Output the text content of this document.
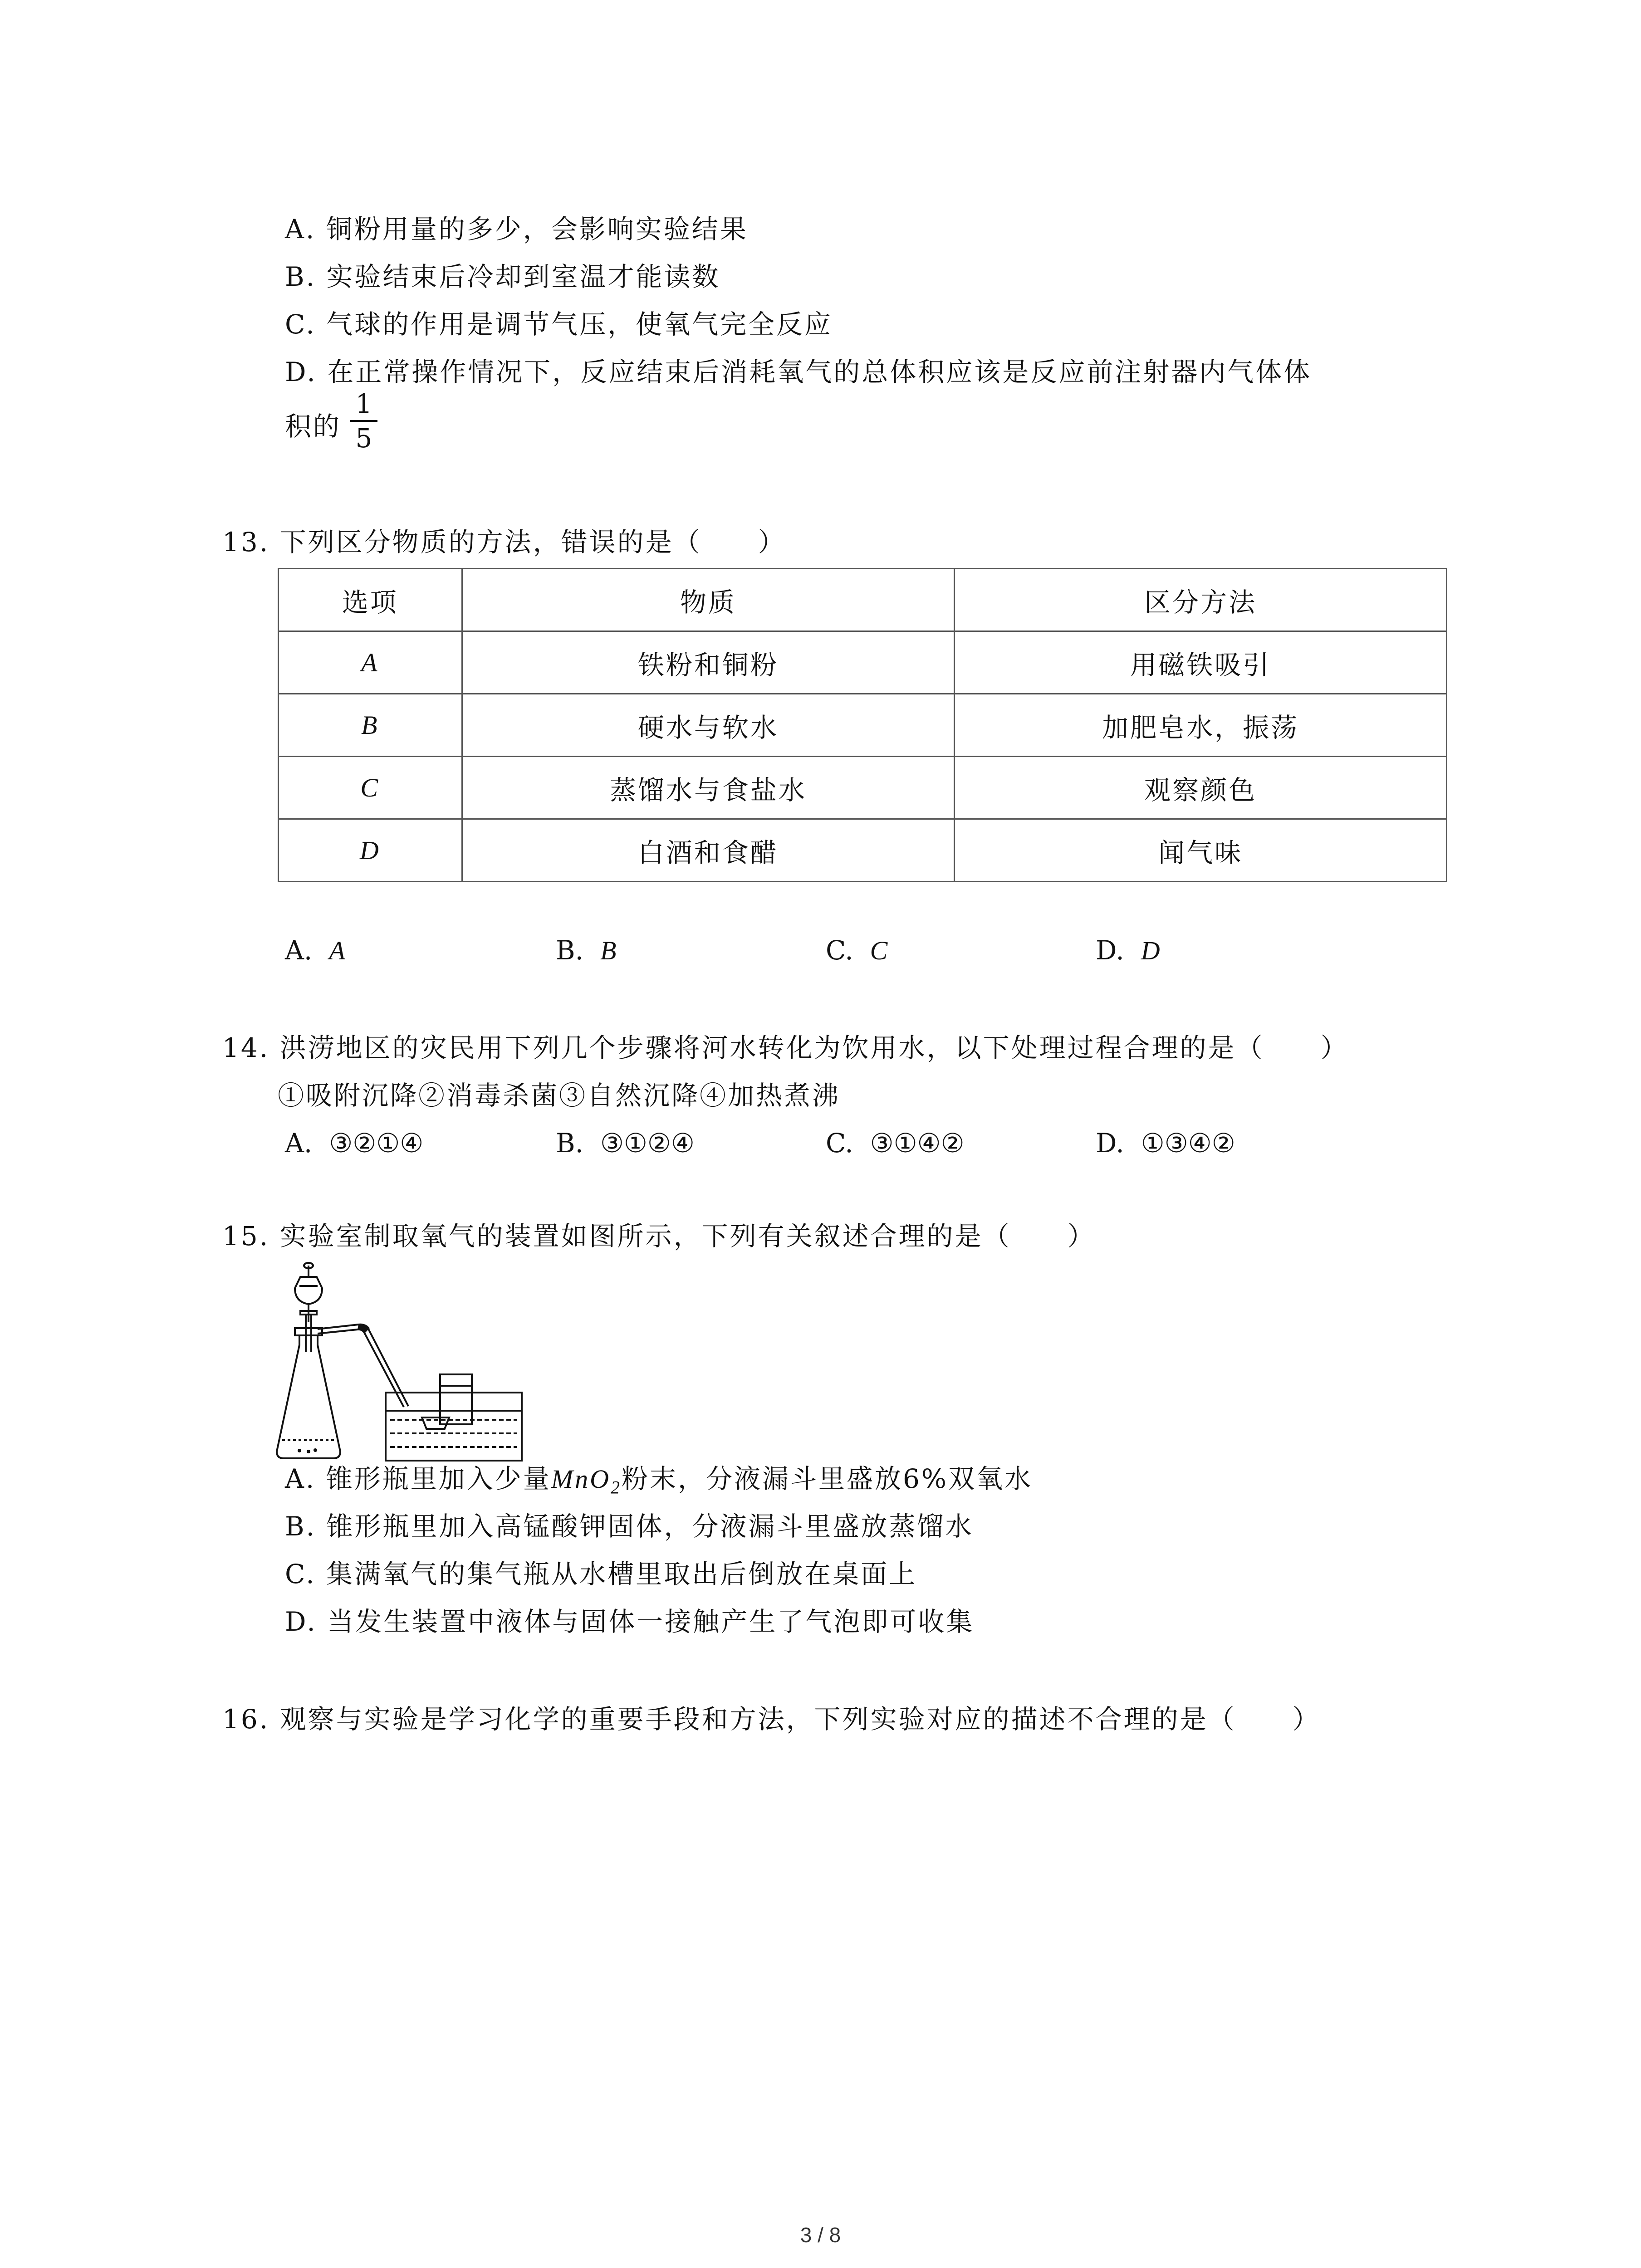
A. 铜粉用量的多少，会影响实验结果
B. 实验结束后冷却到室温才能读数
C. 气球的作用是调节气压，使氧气完全反应
D. 在正常操作情况下，反应结束后消耗氧气的总体积应该是反应前注射器内气体体
积的
1
5
13. 下列区分物质的方法，错误的是（　　）
选项	物质	区分方法
A	铁粉和铜粉	用磁铁吸引
B	硬水与软水	加肥皂水，振荡
C	蒸馏水与食盐水	观察颜色
D	白酒和食醋	闻气味
A. A	B. B	C. C	D. D
14. 洪涝地区的灾民用下列几个步骤将河水转化为饮用水，以下处理过程合理的是（　　）
①吸附沉降②消毒杀菌③自然沉降④加热煮沸
A. ③②①④	B. ③①②④	C. ③①④②	D. ①③④②
15. 实验室制取氧气的装置如图所示，下列有关叙述合理的是（　　）
A. 锥形瓶里加入少量MnO$_2$粉末，分液漏斗里盛放6%双氧水
B. 锥形瓶里加入高锰酸钾固体，分液漏斗里盛放蒸馏水
C. 集满氧气的集气瓶从水槽里取出后倒放在桌面上
D. 当发生装置中液体与固体一接触产生了气泡即可收集
16. 观察与实验是学习化学的重要手段和方法，下列实验对应的描述不合理的是（　　）
3 / 8
